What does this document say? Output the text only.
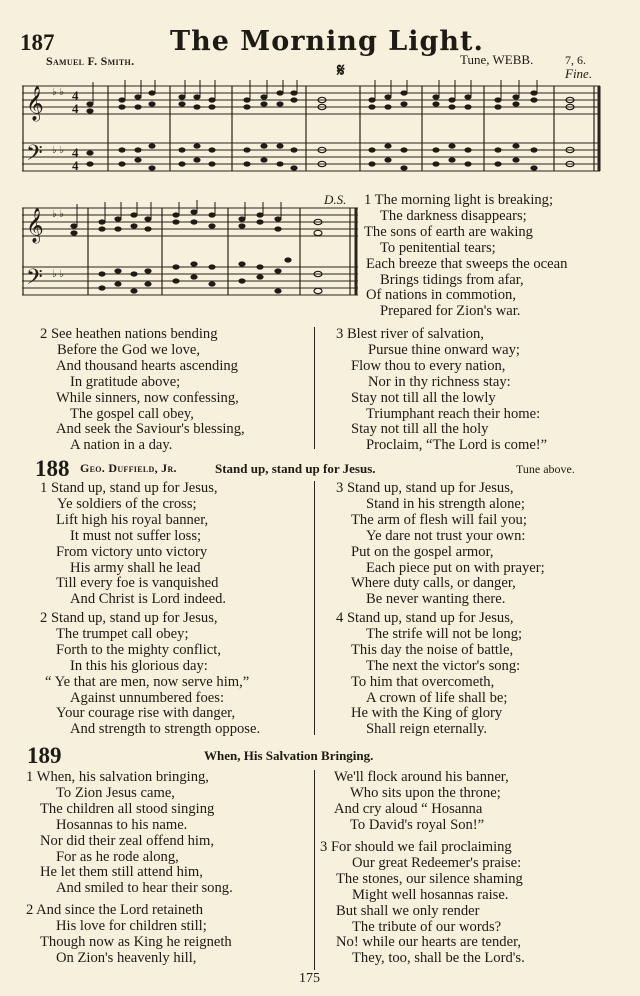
187	The Morning Light.
Samuel F. Smith.	Tune, WEBB.	7, 6.
Fine.
𝄋
𝄞
𝄢
♭ ♭
♭ ♭
4
4
4
4
D.S.
𝄞
𝄢
♭ ♭
♭ ♭
1 The morning light is breaking;
The darkness disappears;
The sons of earth are waking
To penitential tears;
Each breeze that sweeps the ocean
Brings tidings from afar,
Of nations in commotion,
Prepared for Zion's war.
2 See heathen nations bending
Before the God we love,
And thousand hearts ascending
In gratitude above;
While sinners, now confessing,
The gospel call obey,
And seek the Saviour's blessing,
A nation in a day.
3 Blest river of salvation,
Pursue thine onward way;
Flow thou to every nation,
Nor in thy richness stay:
Stay not till all the lowly
Triumphant reach their home:
Stay not till all the holy
Proclaim, “The Lord is come!”
188 Geo. Duffield, Jr.	Stand up, stand up for Jesus.	Tune above.
1 Stand up, stand up for Jesus,
Ye soldiers of the cross;
Lift high his royal banner,
It must not suffer loss;
From victory unto victory
His army shall he lead
Till every foe is vanquished
And Christ is Lord indeed.
2 Stand up, stand up for Jesus,
The trumpet call obey;
Forth to the mighty conflict,
In this his glorious day:
“ Ye that are men, now serve him,”
Against unnumbered foes:
Your courage rise with danger,
And strength to strength oppose.
3 Stand up, stand up for Jesus,
Stand in his strength alone;
The arm of flesh will fail you;
Ye dare not trust your own:
Put on the gospel armor,
Each piece put on with prayer;
Where duty calls, or danger,
Be never wanting there.
4 Stand up, stand up for Jesus,
The strife will not be long;
This day the noise of battle,
The next the victor's song:
To him that overcometh,
A crown of life shall be;
He with the King of glory
Shall reign eternally.
189	When, His Salvation Bringing.
1 When, his salvation bringing,
To Zion Jesus came,
The children all stood singing
Hosannas to his name.
Nor did their zeal offend him,
For as he rode along,
He let them still attend him,
And smiled to hear their song.
2 And since the Lord retaineth
His love for children still;
Though now as King he reigneth
On Zion's heavenly hill,
We'll flock around his banner,
Who sits upon the throne;
And cry aloud “ Hosanna
To David's royal Son!”
3 For should we fail proclaiming
Our great Redeemer's praise:
The stones, our silence shaming
Might well hosannas raise.
But shall we only render
The tribute of our words?
No! while our hearts are tender,
They, too, shall be the Lord's.
175
